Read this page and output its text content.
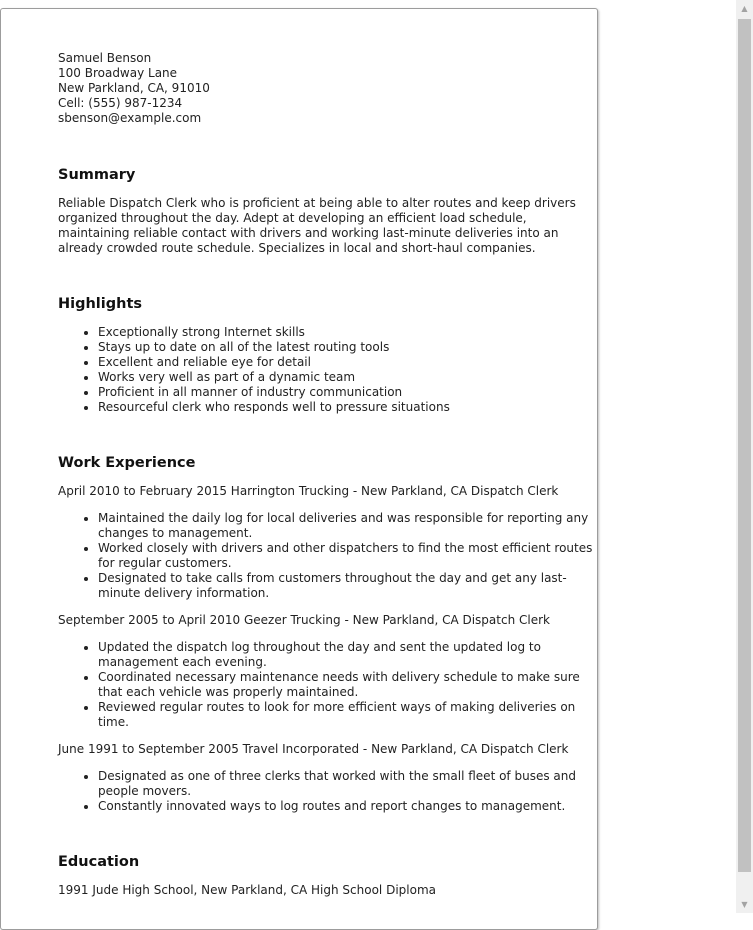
Samuel Benson
100 Broadway Lane
New Parkland, CA, 91010
Cell: (555) 987-1234
sbenson@example.com
Summary

Reliable Dispatch Clerk who is proficient at being able to alter routes and keep drivers organized throughout the day. Adept at developing an efficient load schedule, maintaining reliable contact with drivers and working last-minute deliveries into an already crowded route schedule. Specializes in local and short-haul companies.

Highlights
• Exceptionally strong Internet skills
• Stays up to date on all of the latest routing tools
• Excellent and reliable eye for detail
• Works very well as part of a dynamic team
• Proficient in all manner of industry communication
• Resourceful clerk who responds well to pressure situations
Work Experience
April 2010 to February 2015 Harrington Trucking - New Parkland, CA Dispatch Clerk
• Maintained the daily log for local deliveries and was responsible for reporting any changes to management.
• Worked closely with drivers and other dispatchers to find the most efficient routes for regular customers.
• Designated to take calls from customers throughout the day and get any last-minute delivery information.
September 2005 to April 2010 Geezer Trucking - New Parkland, CA Dispatch Clerk
• Updated the dispatch log throughout the day and sent the updated log to management each evening.
• Coordinated necessary maintenance needs with delivery schedule to make sure that each vehicle was properly maintained.
• Reviewed regular routes to look for more efficient ways of making deliveries on time.
June 1991 to September 2005 Travel Incorporated - New Parkland, CA Dispatch Clerk
• Designated as one of three clerks that worked with the small fleet of buses and people movers.
• Constantly innovated ways to log routes and report changes to management.
Education
1991 Jude High School, New Parkland, CA High School Diploma
▲
▼
